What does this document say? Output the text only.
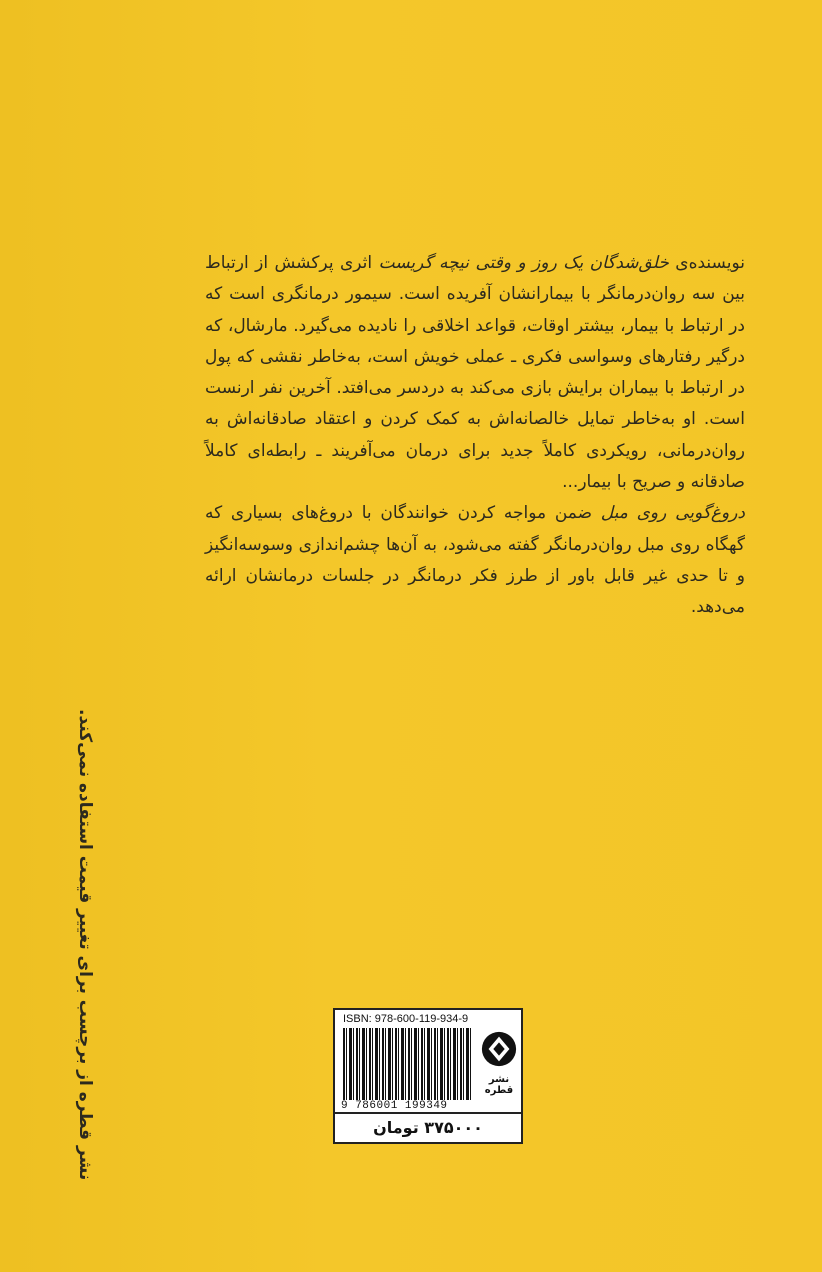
نویسنده‌ی خلق‌شدگان یک روز و وقتی نیچه گریست اثری پرکشش از ارتباط بین سه روان‌درمانگر با بیمارانشان آفریده است. سیمور درمانگری است که در ارتباط با بیمار، بیشتر اوقات، قواعد اخلاقی را نادیده می‌گیرد. مارشال، که درگیر رفتارهای وسواسی فکری ـ عملی خویش است، به‌خاطر نقشی که پول در ارتباط با بیماران برایش بازی می‌کند به دردسر می‌افتد. آخرین نفر ارنست است. او به‌خاطر تمایل خالصانه‌اش به کمک کردن و اعتقاد صادقانه‌اش به روان‌درمانی، رویکردی کاملاً جدید برای درمان می‌آفریند ـ رابطه‌ای کاملاً صادقانه و صریح با بیمار...

دروغ‌گویی روی مبل ضمن مواجه کردن خوانندگان با دروغ‌های بسیاری که گهگاه روی مبل روان‌درمانگر گفته می‌شود، به آن‌ها چشم‌اندازی وسوسه‌انگیز و تا حدی غیر قابل باور از طرز فکر درمانگر در جلسات درمانشان ارائه می‌دهد.

نشر قطره از برچسب برای تغییر قیمت استفاده نمی‌کند.	ISBN: 978-600-119-934-9
9 786001 199349
نشر قطره
۳۷۵۰۰۰ تومان
